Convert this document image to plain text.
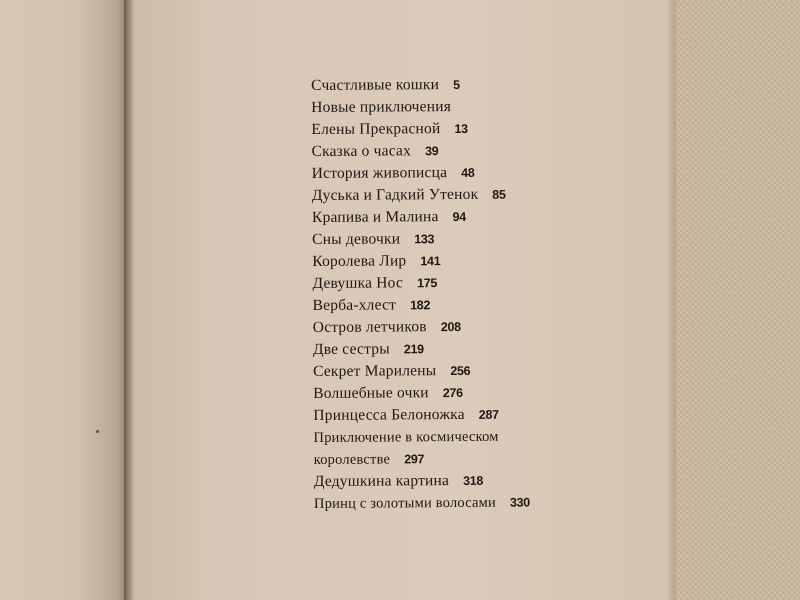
Счастливые кошки 5
Новые приключения
Елены Прекрасной 13
Сказка о часах 39
История живописца 48
Дуська и Гадкий Утенок 85
Крапива и Малина 94
Сны девочки 133
Королева Лир 141
Девушка Нос 175
Верба-хлест 182
Остров летчиков 208
Две сестры 219
Секрет Марилены 256
Волшебные очки 276
Принцесса Белоножка 287
Приключение в космическом
королевстве 297
Дедушкина картина 318
Принц с золотыми волосами 330
